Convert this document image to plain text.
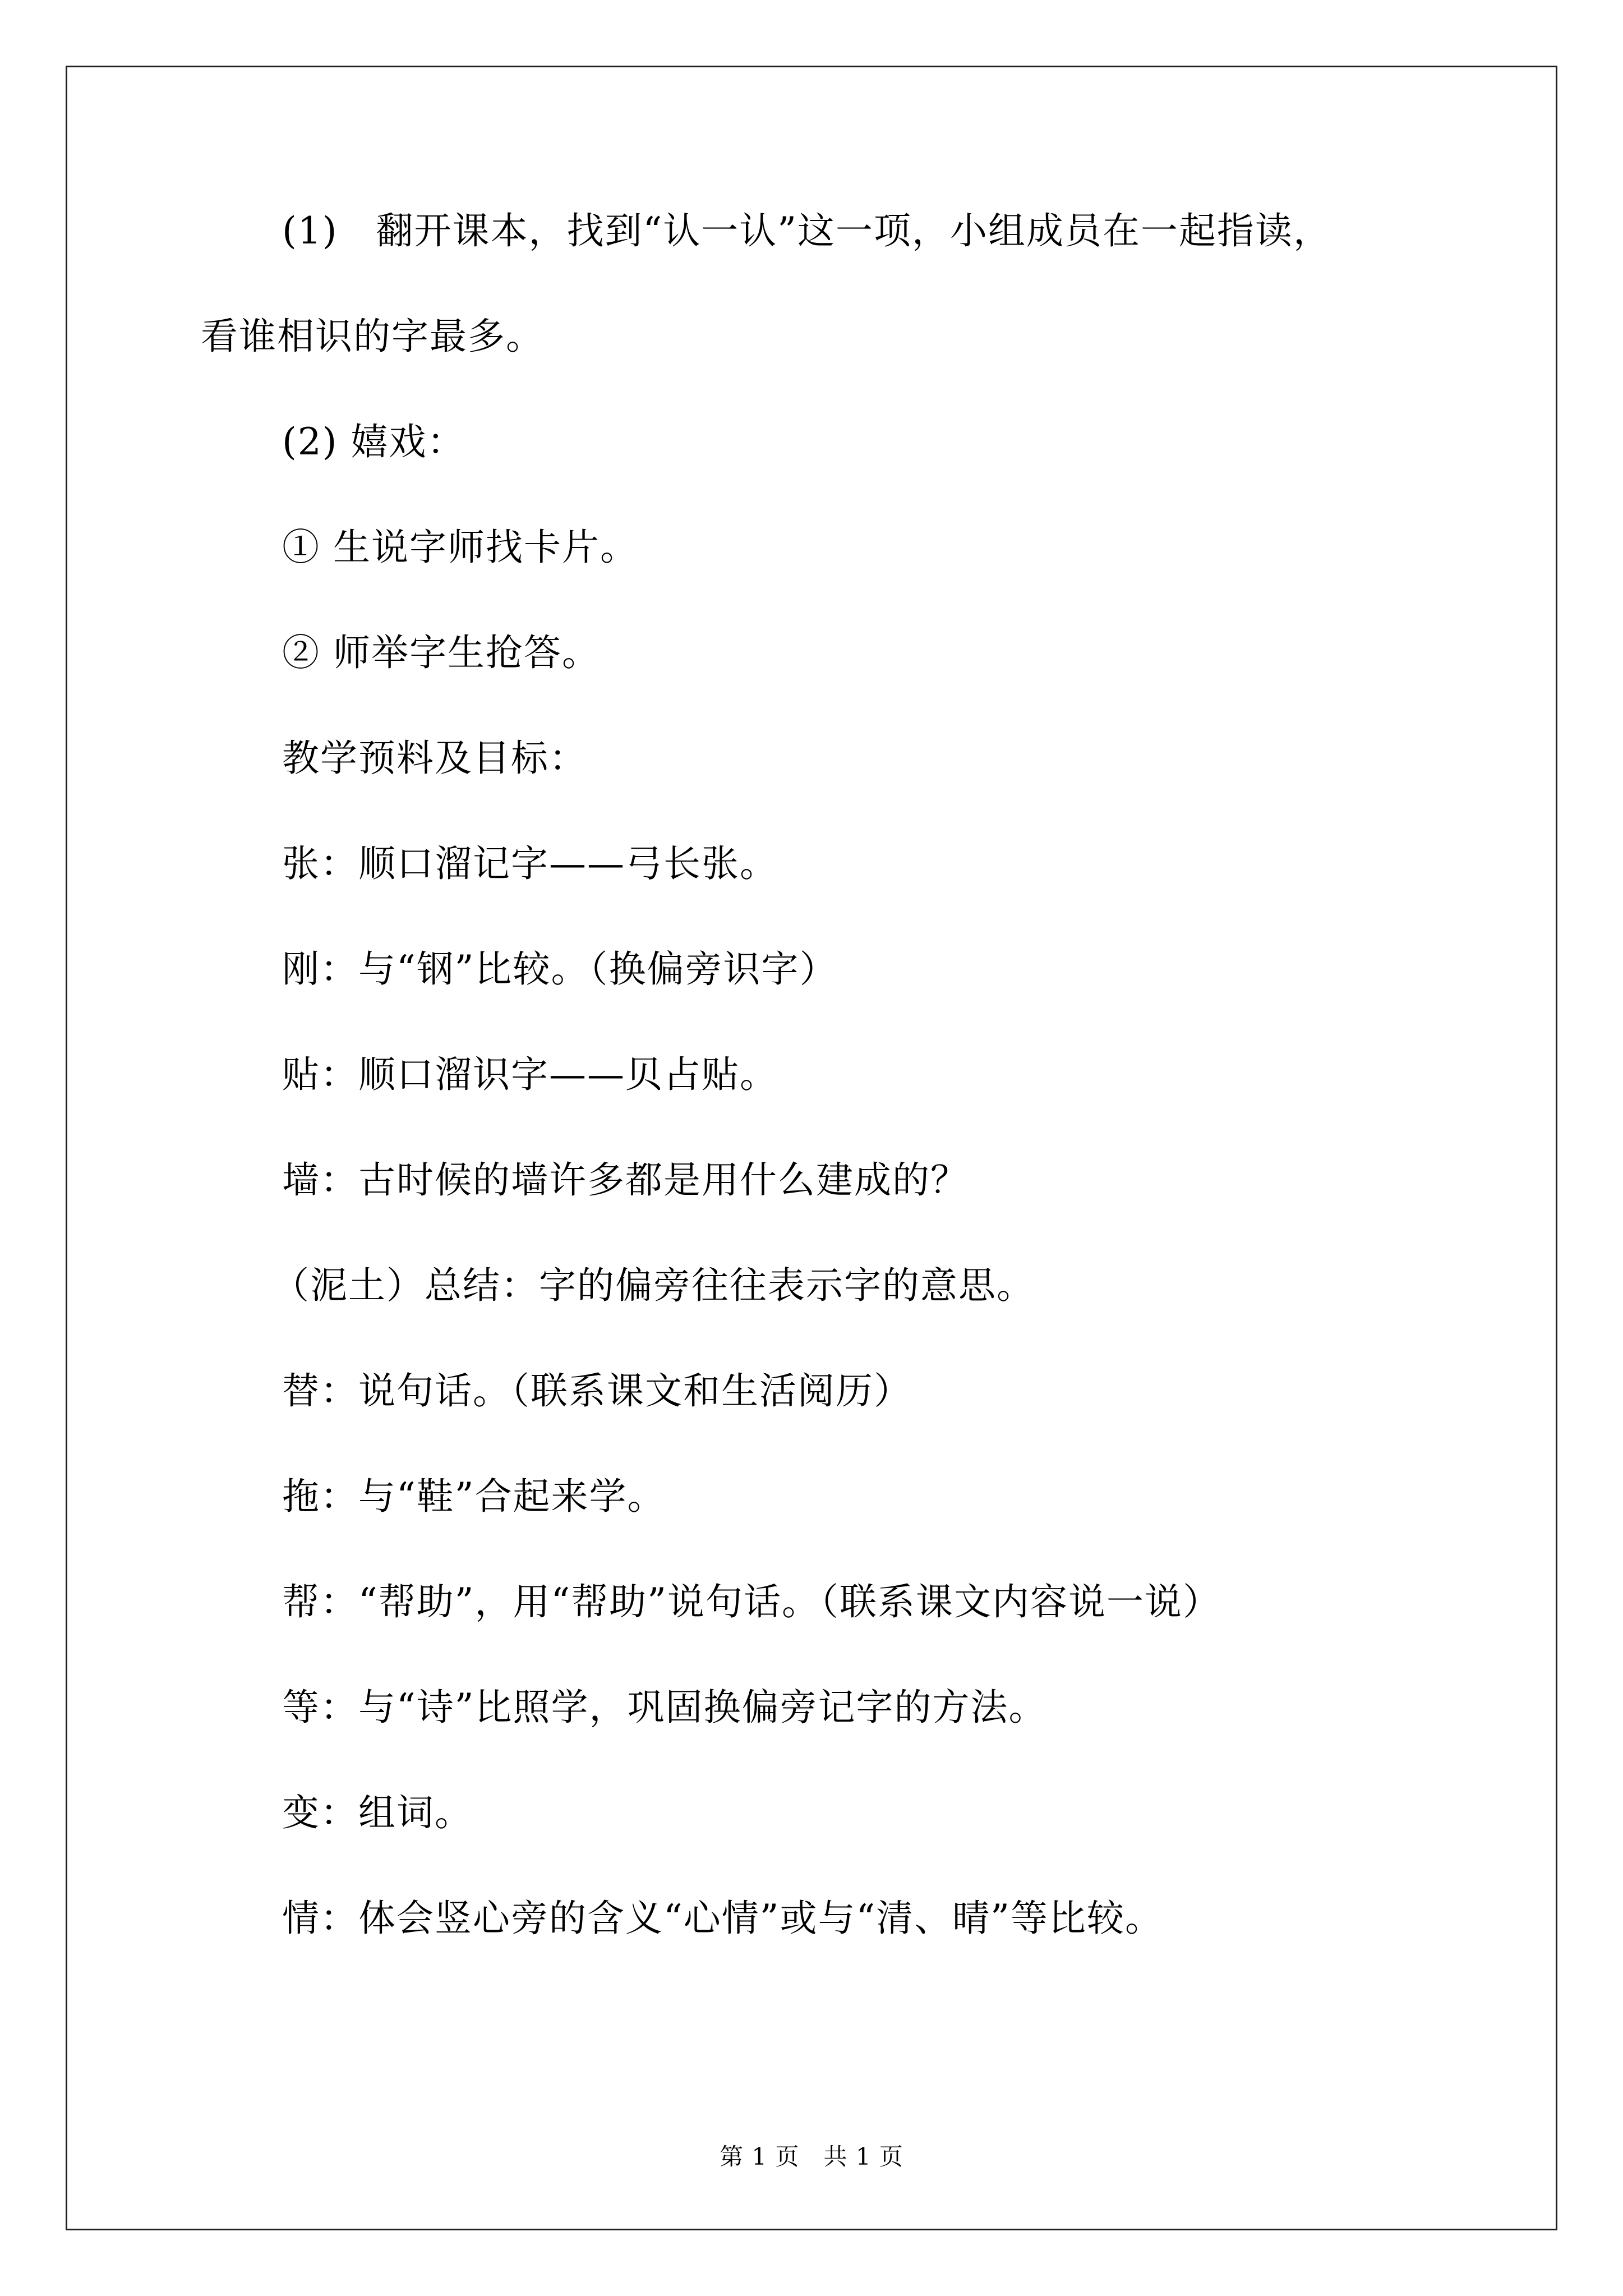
(1)　翻开课本，找到“认一认”这一项，小组成员在一起指读，
看谁相识的字最多。
(2) 嬉戏：
① 生说字师找卡片。
② 师举字生抢答。
教学预料及目标：
张：顺口溜记字——弓长张。
刚：与“钢”比较。（换偏旁识字）
贴：顺口溜识字——贝占贴。
墙：古时候的墙许多都是用什么建成的？
（泥土）总结：字的偏旁往往表示字的意思。
替：说句话。（联系课文和生活阅历）
拖：与“鞋”合起来学。
帮：“帮助”，用“帮助”说句话。（联系课文内容说一说）
等：与“诗”比照学，巩固换偏旁记字的方法。
变：组词。
情：体会竖心旁的含义“心情”或与“清、晴”等比较。
第 1 页　共 1 页
